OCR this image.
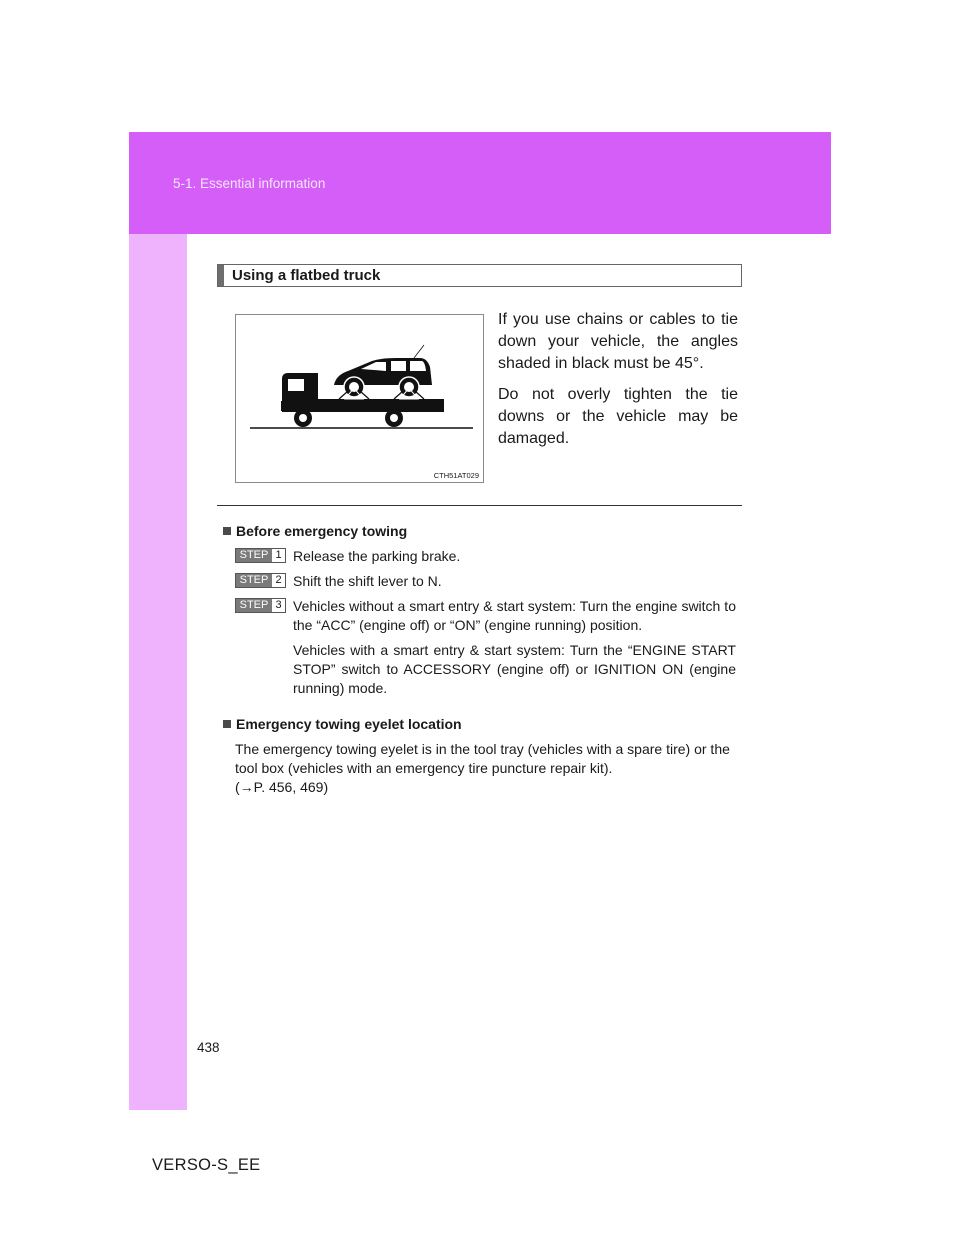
5-1. Essential information
Using a flatbed truck
CTH51AT029

If you use chains or cables to tie down your vehicle, the angles shaded in black must be 45°.

Do not overly tighten the tie downs or the vehicle may be damaged.

Before emergency towing
STEP 1 Release the parking brake.
STEP 2 Shift the shift lever to N.
STEP 3 Vehicles without a smart entry & start system: Turn the engine switch to the “ACC” (engine off) or “ON” (engine running) position.
Vehicles with a smart entry & start system: Turn the “ENGINE START STOP” switch to ACCESSORY (engine off) or IGNITION ON (engine running) mode.
Emergency towing eyelet location
The emergency towing eyelet is in the tool tray (vehicles with a spare tire) or the tool box (vehicles with an emergency tire puncture repair kit).
(→P. 456, 469)
438
VERSO-S_EE
